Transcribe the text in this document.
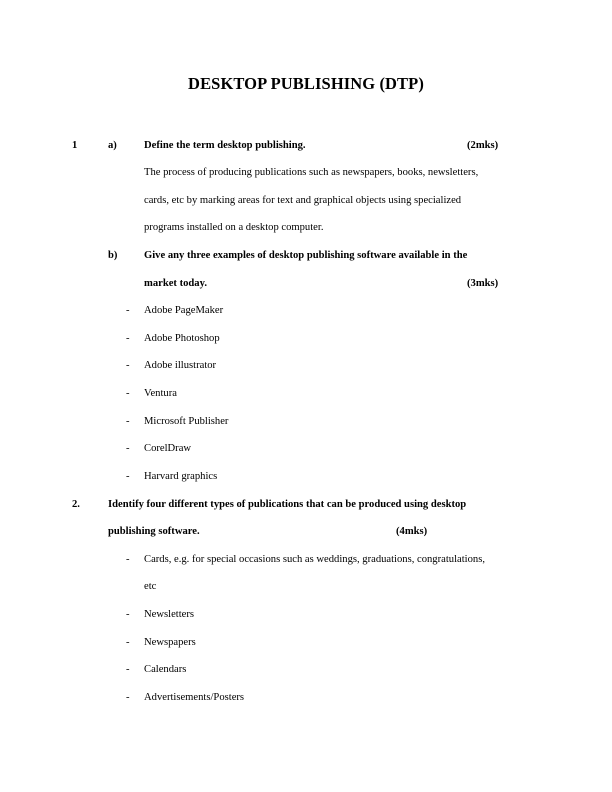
DESKTOP PUBLISHING (DTP)
1	a)	Define the term desktop publishing.	(2mks)
The process of producing publications such as newspapers, books, newsletters,
cards, etc by marking areas for text and graphical objects using specialized
programs installed on a desktop computer.
b)	Give any three examples of desktop publishing software available in the
market today.	(3mks)
- Adobe PageMaker
- Adobe Photoshop
- Adobe illustrator
- Ventura
- Microsoft Publisher
- CorelDraw
- Harvard graphics
2.	Identify four different types of publications that can be produced using desktop
publishing software.	(4mks)
- Cards, e.g. for special occasions such as weddings, graduations, congratulations,
etc
- Newsletters
- Newspapers
- Calendars
- Advertisements/Posters
